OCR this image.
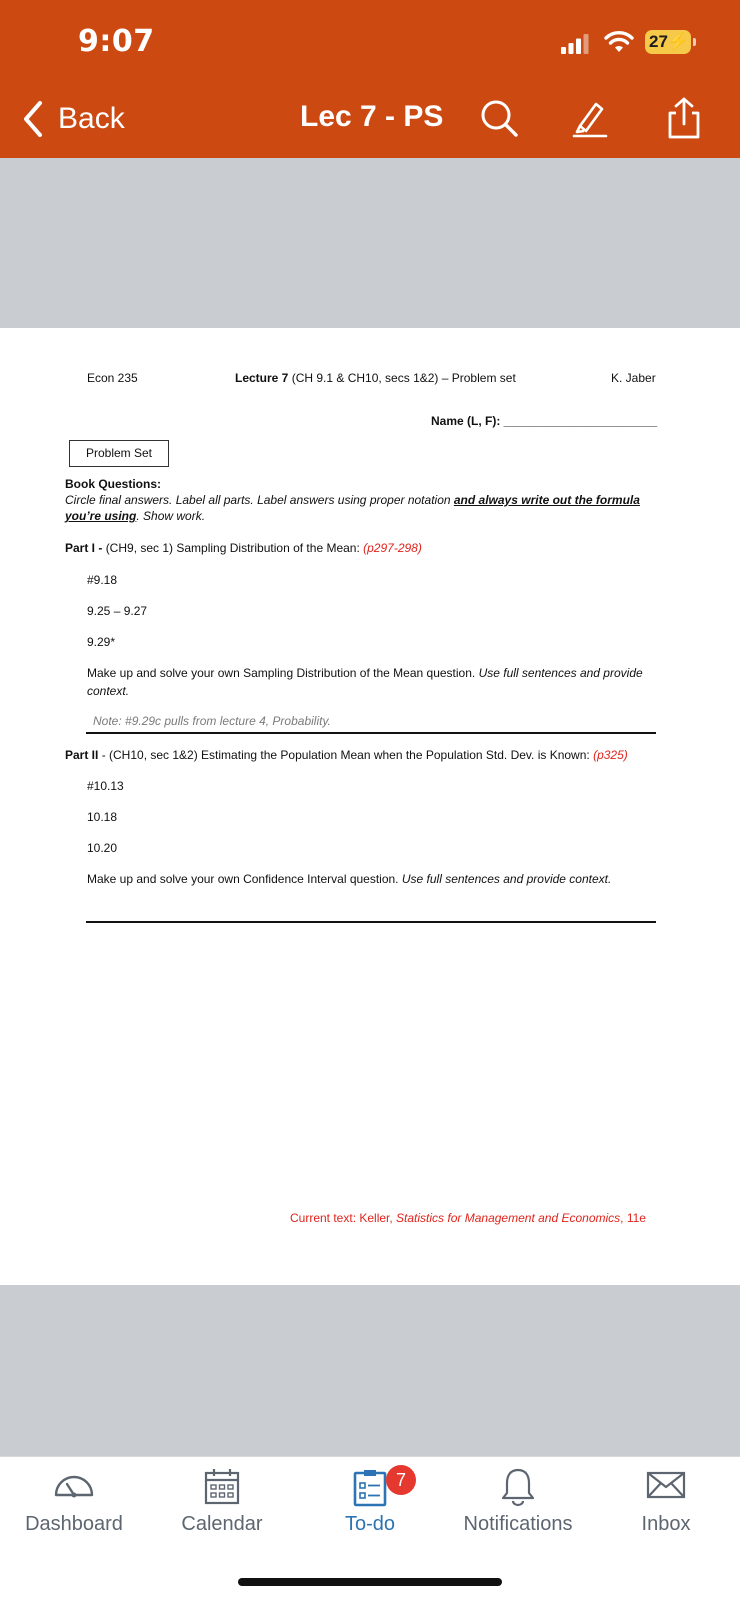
9:07	27⚡
Back	Lec 7 - PS
Econ 235	Lecture 7 (CH 9.1 & CH10, secs 1&2) – Problem set	K. Jaber
Name (L, F): _______________________
Problem Set
Book Questions:
Circle final answers. Label all parts. Label answers using proper notation and always write out the formula
you’re using. Show work.
Part I - (CH9, sec 1) Sampling Distribution of the Mean: (p297-298)
#9.18
9.25 – 9.27
9.29*
Make up and solve your own Sampling Distribution of the Mean question. Use full sentences and provide
context.
Note: #9.29c pulls from lecture 4, Probability.
Part II - (CH10, sec 1&2) Estimating the Population Mean when the Population Std. Dev. is Known: (p325)
#10.13
10.18
10.20
Make up and solve your own Confidence Interval question. Use full sentences and provide context.
Current text: Keller, Statistics for Management and Economics, 11e
Dashboard	Calendar
7
To-do	Notifications	Inbox
